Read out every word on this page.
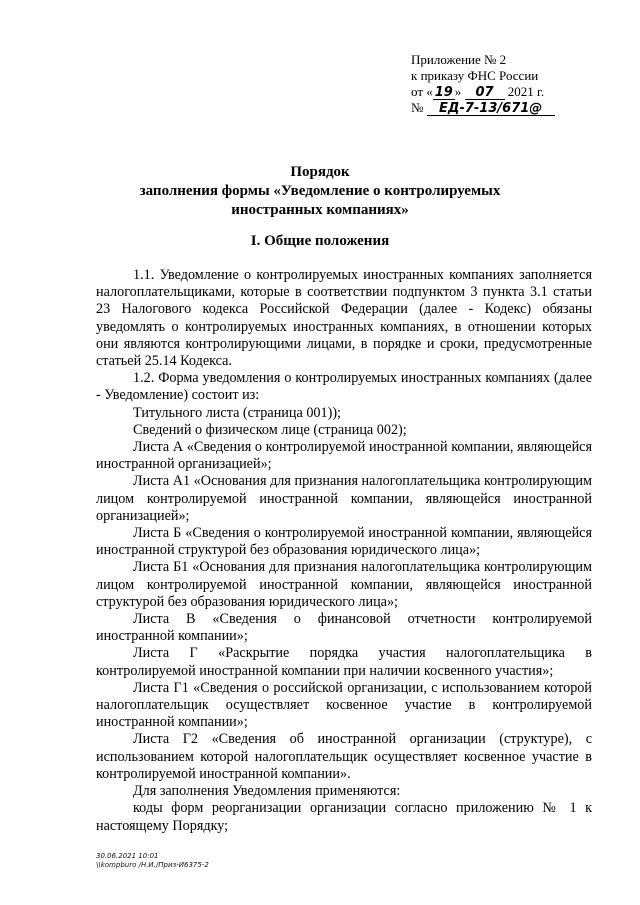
Приложение № 2
к приказу ФНС России
от « 19 » 07 2021 г.
№ ЕД-7-13/671@
Порядок
заполнения формы «Уведомление о контролируемых
иностранных компаниях»
I. Общие положения

1.1. Уведомление о контролируемых иностранных компаниях заполняется налогоплательщиками, которые в соответствии подпунктом 3 пункта 3.1 статьи 23 Налогового кодекса Российской Федерации (далее - Кодекс) обязаны уведомлять о контролируемых иностранных компаниях, в отношении которых они являются контролирующими лицами, в порядке и сроки, предусмотренные статьей 25.14 Кодекса.

1.2. Форма уведомления о контролируемых иностранных компаниях (далее - Уведомление) состоит из:

Титульного листа (страница 001));

Сведений о физическом лице (страница 002);

Листа А «Сведения о контролируемой иностранной компании, являющейся иностранной организацией»;

Листа А1 «Основания для признания налогоплательщика контролирующим лицом контролируемой иностранной компании, являющейся иностранной организацией»;

Листа Б «Сведения о контролируемой иностранной компании, являющейся иностранной структурой без образования юридического лица»;

Листа Б1 «Основания для признания налогоплательщика контролирующим лицом контролируемой иностранной компании, являющейся иностранной структурой без образования юридического лица»;

Листа В «Сведения о финансовой отчетности контролируемой иностранной компании»;

Листа Г «Раскрытие порядка участия налогоплательщика в контролируемой иностранной компании при наличии косвенного участия»;

Листа Г1 «Сведения о российской организации, с использованием которой налогоплательщик осуществляет косвенное участие в контролируемой иностранной компании»;

Листа Г2 «Сведения об иностранной организации (структуре), с использованием которой налогоплательщик осуществляет косвенное участие в контролируемой иностранной компании».

Для заполнения Уведомления применяются:

коды форм реорганизации организации согласно приложению № 1 к настоящему Порядку;

30.06.2021 10:01
\\kompburo /Н.И./Приз-И6375-2
